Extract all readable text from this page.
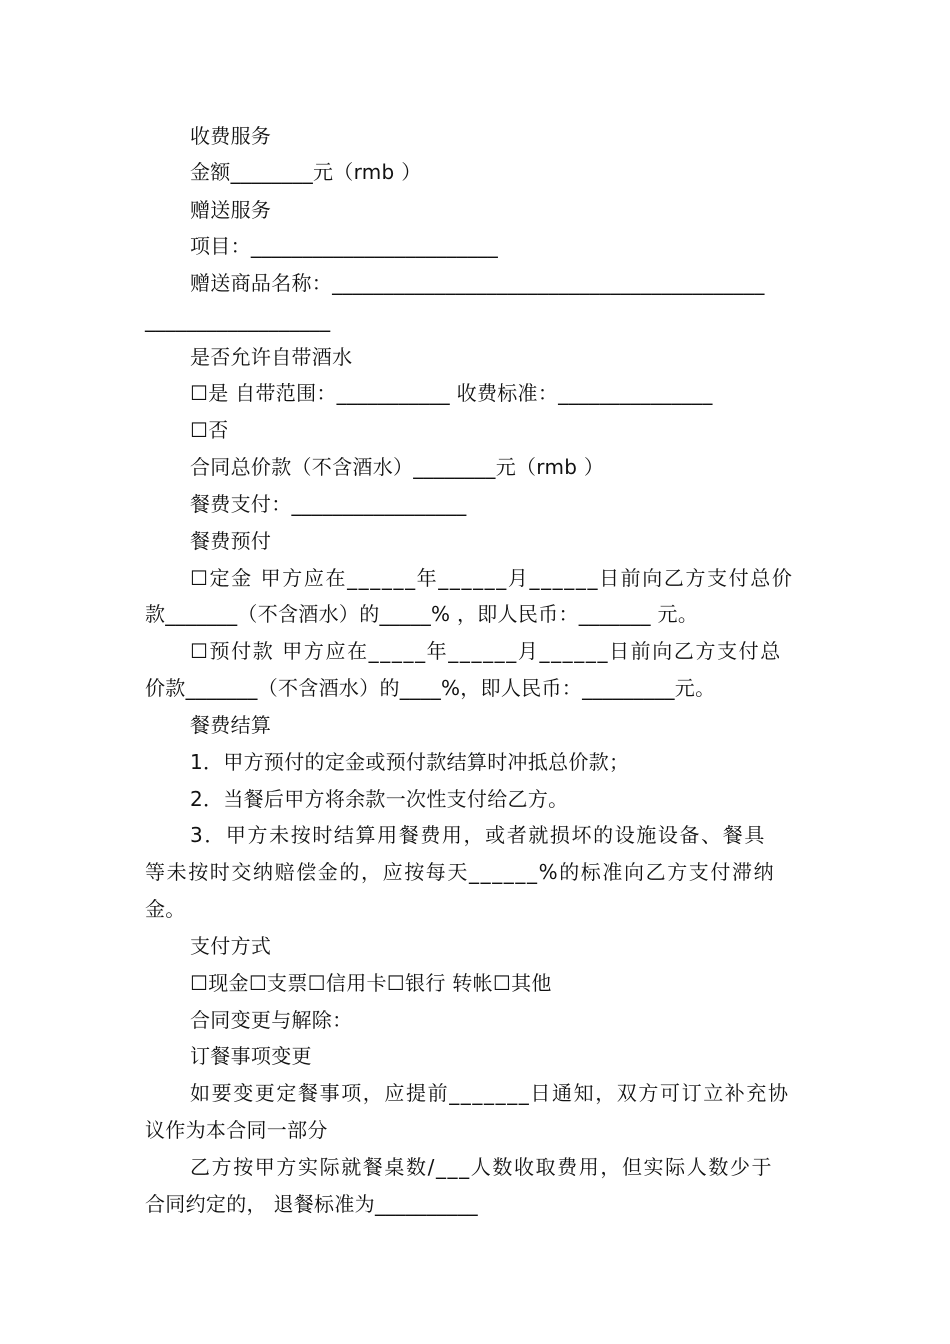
收费服务
金额________元（rmb ）
赠送服务
项目：________________________
赠送商品名称：__________________________________________
__________________
是否允许自带酒水
☐是 自带范围：___________ 收费标准：_______________
☐否
合同总价款（不含酒水）________元（rmb ）
餐费支付：_________________
餐费预付
☐定金 甲方应在______年______月______日前向乙方支付总价
款_______（不含酒水）的_____% ，即人民币：_______ 元。
☐预付款 甲方应在_____年______月______日前向乙方支付总
价款_______（不含酒水）的____%，即人民币：_________元。
餐费结算
1．甲方预付的定金或预付款结算时冲抵总价款；
2．当餐后甲方将余款一次性支付给乙方。
3．甲方未按时结算用餐费用，或者就损坏的设施设备、餐具
等未按时交纳赔偿金的，应按每天______%的标准向乙方支付滞纳
金。
支付方式
☐现金☐支票☐信用卡☐银行 转帐☐其他
合同变更与解除：
订餐事项变更
如要变更定餐事项，应提前_______日通知，双方可订立补充协
议作为本合同一部分
乙方按甲方实际就餐桌数/___人数收取费用，但实际人数少于
合同约定的， 退餐标准为__________
